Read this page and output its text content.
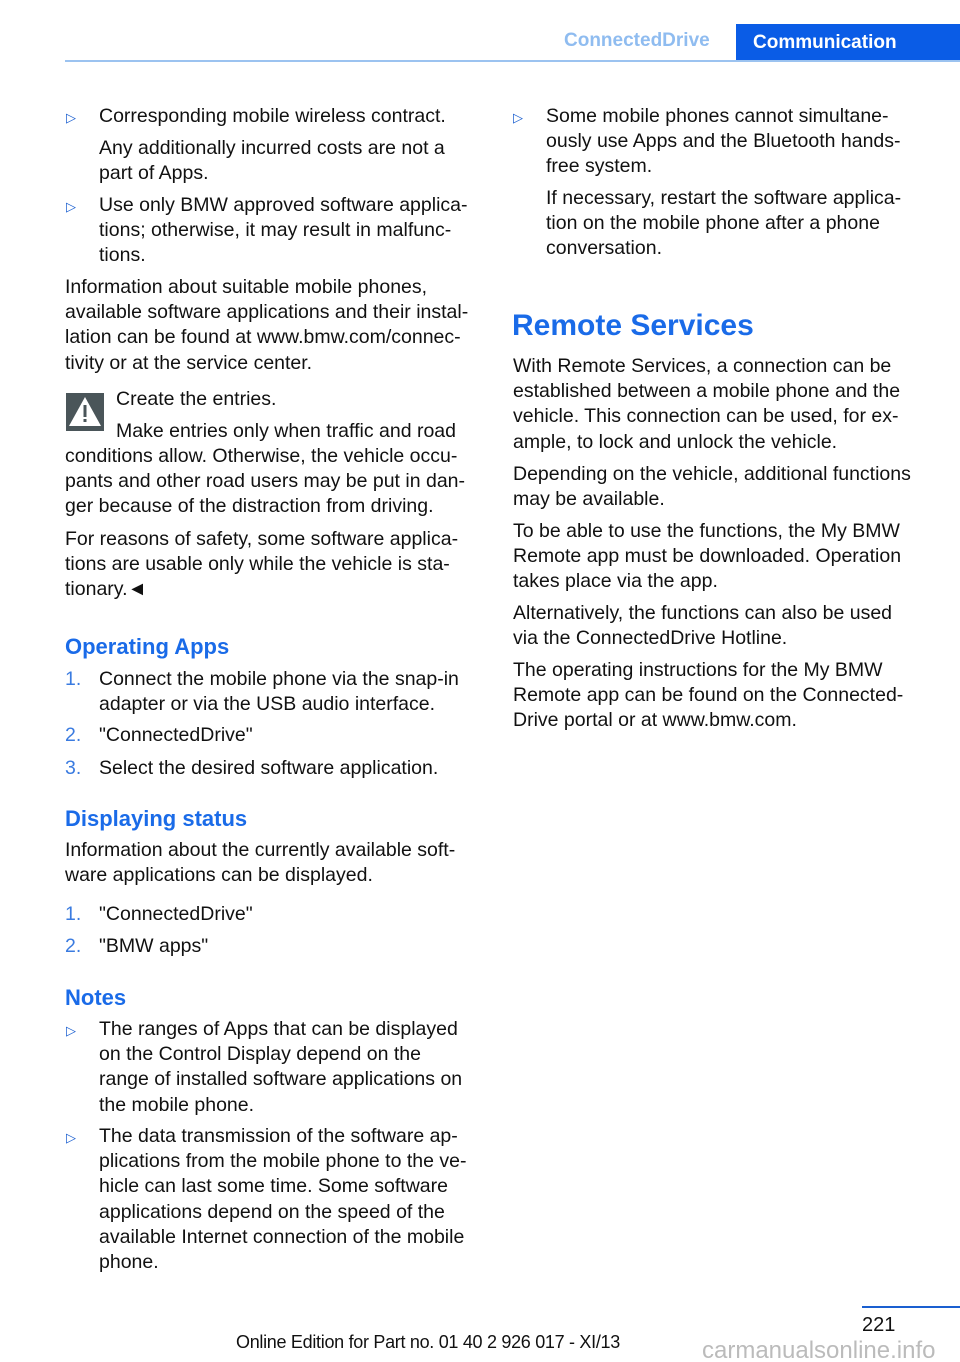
ConnectedDrive	Communication
▷ Corresponding mobile wireless contract.
Any additionally incurred costs are not a
part of Apps.
▷ Use only BMW approved software applica-
tions; otherwise, it may result in malfunc-
tions.
Information about suitable mobile phones,
available software applications and their instal-
lation can be found at www.bmw.com/connec-
tivity or at the service center.
Create the entries.
Make entries only when traffic and road
conditions allow. Otherwise, the vehicle occu-
pants and other road users may be put in dan-
ger because of the distraction from driving.
For reasons of safety, some software applica-
tions are usable only while the vehicle is sta-
tionary.◄
Operating Apps
1. Connect the mobile phone via the snap-in
adapter or via the USB audio interface.
2. "ConnectedDrive"
3. Select the desired software application.
Displaying status
Information about the currently available soft-
ware applications can be displayed.
1. "ConnectedDrive"
2. "BMW apps"
Notes
▷ The ranges of Apps that can be displayed
on the Control Display depend on the
range of installed software applications on
the mobile phone.
▷ The data transmission of the software ap-
plications from the mobile phone to the ve-
hicle can last some time. Some software
applications depend on the speed of the
available Internet connection of the mobile
phone.
▷ Some mobile phones cannot simultane-
ously use Apps and the Bluetooth hands-
free system.
If necessary, restart the software applica-
tion on the mobile phone after a phone
conversation.
Remote Services
With Remote Services, a connection can be
established between a mobile phone and the
vehicle. This connection can be used, for ex-
ample, to lock and unlock the vehicle.
Depending on the vehicle, additional functions
may be available.
To be able to use the functions, the My BMW
Remote app must be downloaded. Operation
takes place via the app.
Alternatively, the functions can also be used
via the ConnectedDrive Hotline.
The operating instructions for the My BMW
Remote app can be found on the Connected-
Drive portal or at www.bmw.com.
221
Online Edition for Part no. 01 40 2 926 017 - XI/13	carmanualsonline.info
